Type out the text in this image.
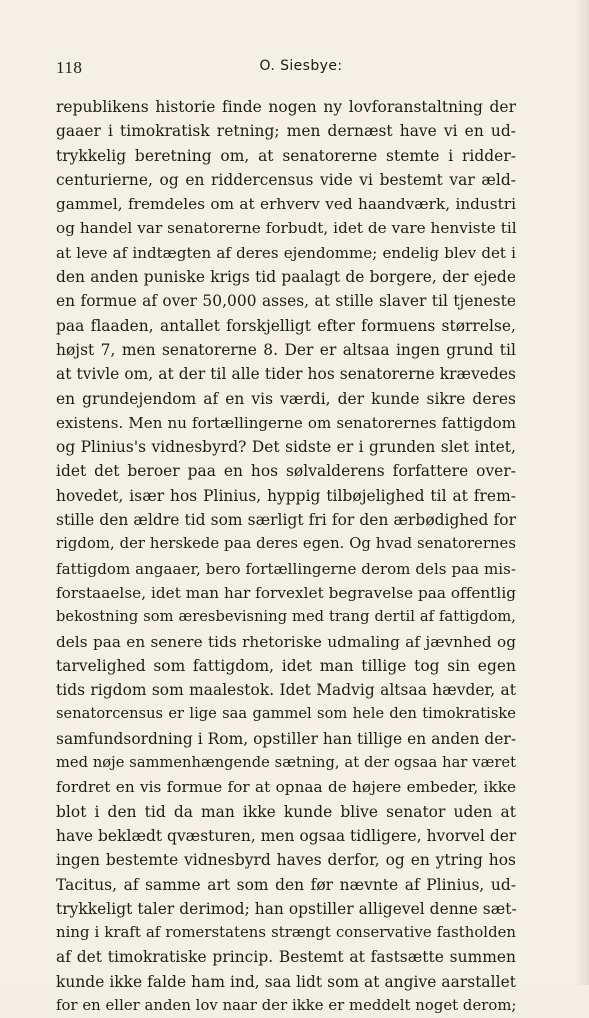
118	O. Siesbye:
republikens historie finde nogen ny lovforanstaltning der
gaaer i timokratisk retning; men dernæst have vi en ud-
trykkelig beretning om, at senatorerne stemte i ridder-
centurierne, og en riddercensus vide vi bestemt var æld-
gammel, fremdeles om at erhverv ved haandværk, industri
og handel var senatorerne forbudt, idet de vare henviste til
at leve af indtægten af deres ejendomme; endelig blev det i
den anden puniske krigs tid paalagt de borgere, der ejede
en formue af over 50,000 asses, at stille slaver til tjeneste
paa flaaden, antallet forskjelligt efter formuens størrelse,
højst 7, men senatorerne 8. Der er altsaa ingen grund til
at tvivle om, at der til alle tider hos senatorerne krævedes
en grundejendom af en vis værdi, der kunde sikre deres
existens. Men nu fortællingerne om senatorernes fattigdom
og Plinius's vidnesbyrd? Det sidste er i grunden slet intet,
idet det beroer paa en hos sølvalderens forfattere over-
hovedet, især hos Plinius, hyppig tilbøjelighed til at frem-
stille den ældre tid som særligt fri for den ærbødighed for
rigdom, der herskede paa deres egen. Og hvad senatorernes
fattigdom angaaer, bero fortællingerne derom dels paa mis-
forstaaelse, idet man har forvexlet begravelse paa offentlig
bekostning som æresbevisning med trang dertil af fattigdom,
dels paa en senere tids rhetoriske udmaling af jævnhed og
tarvelighed som fattigdom, idet man tillige tog sin egen
tids rigdom som maalestok. Idet Madvig altsaa hævder, at
senatorcensus er lige saa gammel som hele den timokratiske
samfundsordning i Rom, opstiller han tillige en anden der-
med nøje sammenhængende sætning, at der ogsaa har været
fordret en vis formue for at opnaa de højere embeder, ikke
blot i den tid da man ikke kunde blive senator uden at
have beklædt qvæsturen, men ogsaa tidligere, hvorvel der
ingen bestemte vidnesbyrd haves derfor, og en ytring hos
Tacitus, af samme art som den før nævnte af Plinius, ud-
trykkeligt taler derimod; han opstiller alligevel denne sæt-
ning i kraft af romerstatens strængt conservative fastholden
af det timokratiske princip. Bestemt at fastsætte summen
kunde ikke falde ham ind, saa lidt som at angive aarstallet
for en eller anden lov naar der ikke er meddelt noget derom;
